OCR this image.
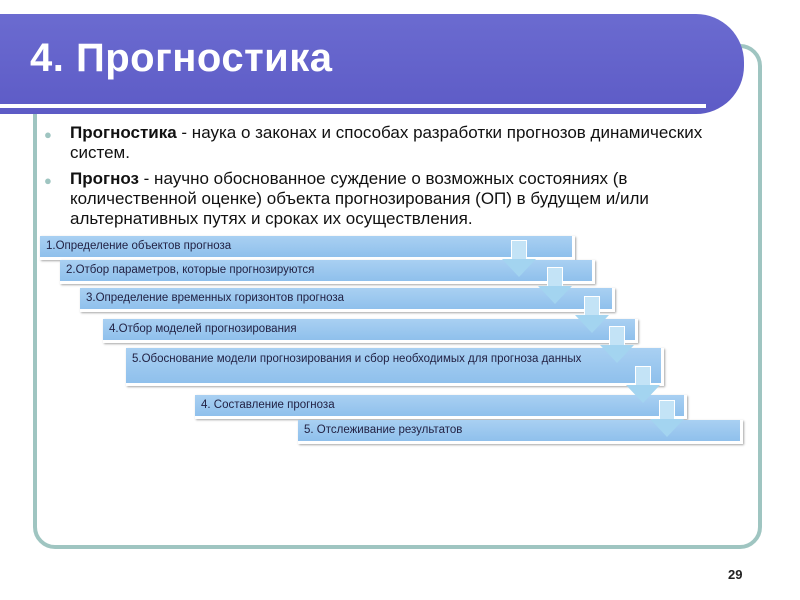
4. Прогностика
● Прогностика - наука о законах и способах разработки прогнозов динамических систем.
● Прогноз - научно обоснованное суждение о возможных состояниях (в количественной оценке) объекта прогнозирования (ОП) в будущем и/или альтернативных путях и сроках их осуществления.
1.Определение объектов прогноза
2.Отбор параметров, которые прогнозируются
3.Определение временных горизонтов прогноза
4.Отбор моделей прогнозирования
5.Обоснование модели прогнозирования и сбор необходимых для прогноза данных
4. Составление прогноза
5. Отслеживание результатов
29
